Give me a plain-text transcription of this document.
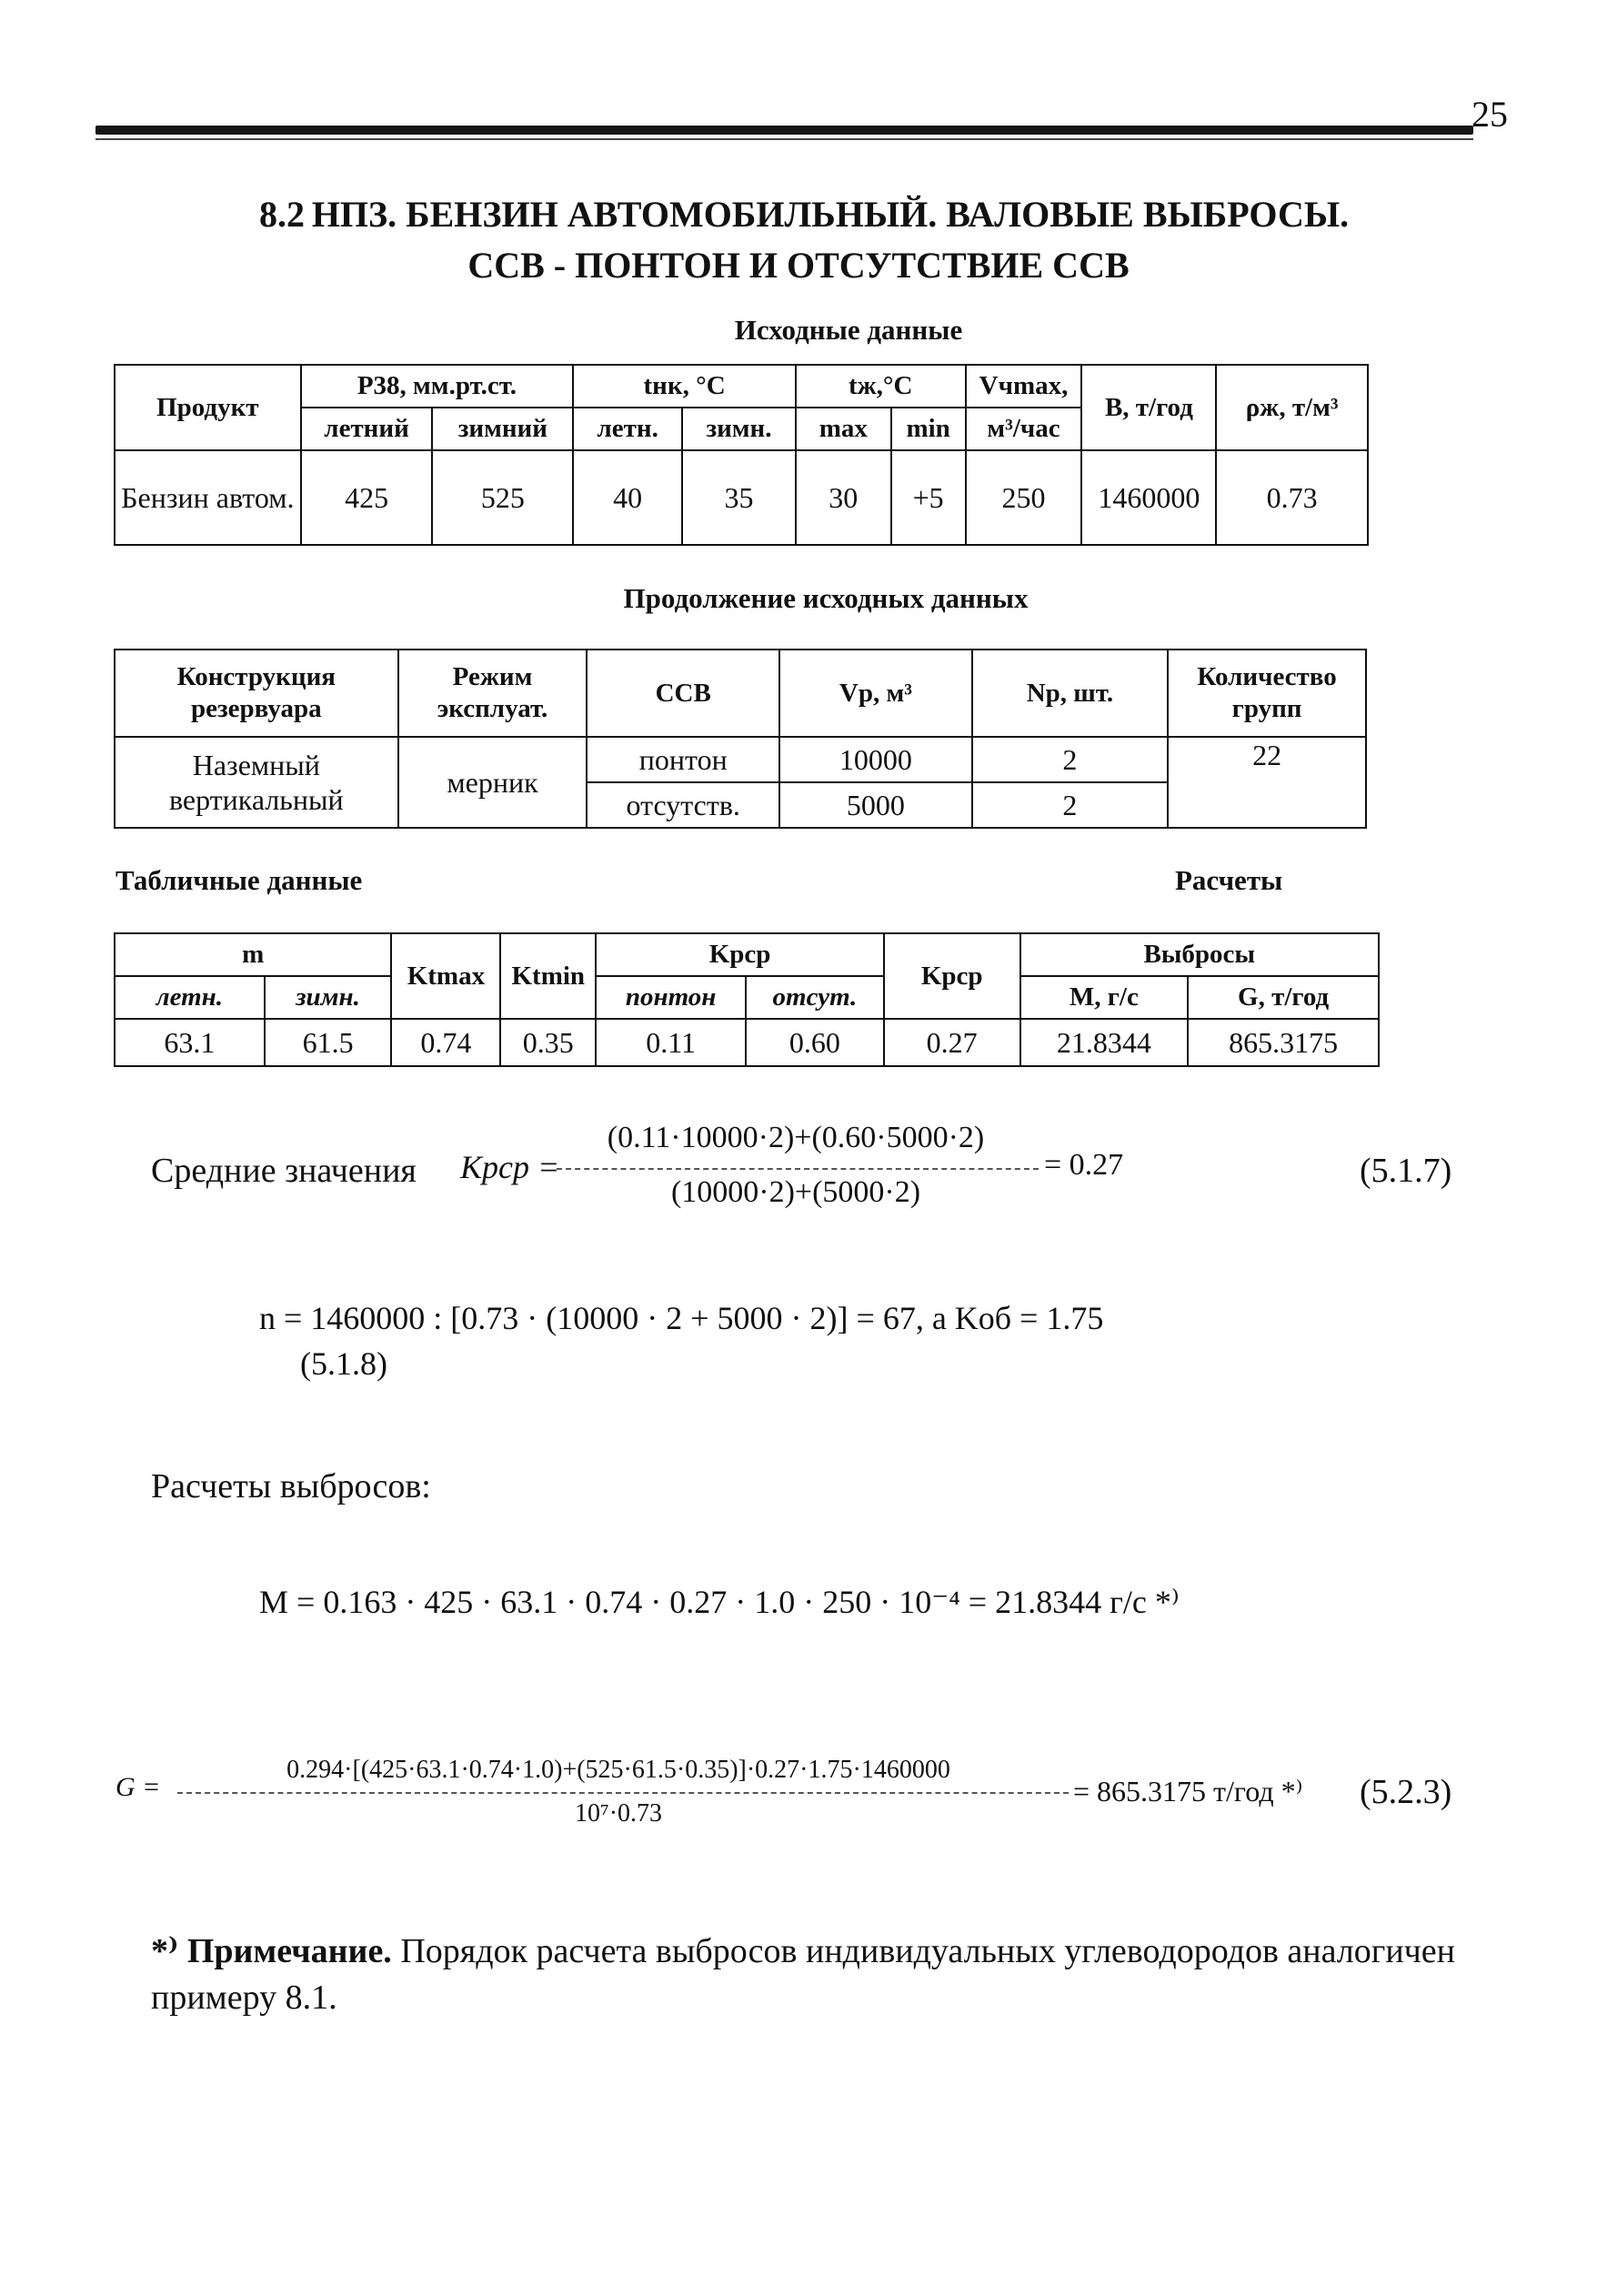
25
8.2 НПЗ. БЕНЗИН АВТОМОБИЛЬНЫЙ. ВАЛОВЫЕ ВЫБРОСЫ.
ССВ - ПОНТОН И ОТСУТСТВИЕ ССВ
Исходные данные
Продукт	P38, мм.рт.ст.		tнк, °C		tж,°C		Vчmax,	B, т/год	ρж, т/м³
	летний	зимний	летн.	зимн.	max	min	м³/час		
Бензин автом.	425	525	40	35	30	+5	250	1460000	0.73
Продолжение исходных данных
Конструкция резервуара	Режим эксплуат.	ССВ	Vр, м³	Nр, шт.	Количество групп
Наземный вертикальный	мерник	понтон	10000	2	22
		отсутств.	5000	2	
Табличные данные	Расчеты
m		Ktmax	Ktmin	Kрср		Kрср	Выбросы	
летн.	зимн.			понтон	отсут.		M, г/с	G, т/год
63.1	61.5	0.74	0.35	0.11	0.60	0.27	21.8344	865.3175
Средние значения Kрср =
(0.11·10000·2)+(0.60·5000·2)
(10000·2)+(5000·2)
= 0.27	(5.1.7)
n = 1460000 : [0.73 · (10000 · 2 + 5000 · 2)] = 67, а Kоб = 1.75
(5.1.8)
Расчеты выбросов:
M = 0.163 · 425 · 63.1 · 0.74 · 0.27 · 1.0 · 250 · 10⁻⁴ = 21.8344 г/с *⁾
G =
0.294·[(425·63.1·0.74·1.0)+(525·61.5·0.35)]·0.27·1.75·1460000
10⁷·0.73
= 865.3175 т/год *⁾ (5.2.3)
*⁾ Примечание. Порядок расчета выбросов индивидуальных углеводородов аналогичен примеру 8.1.
